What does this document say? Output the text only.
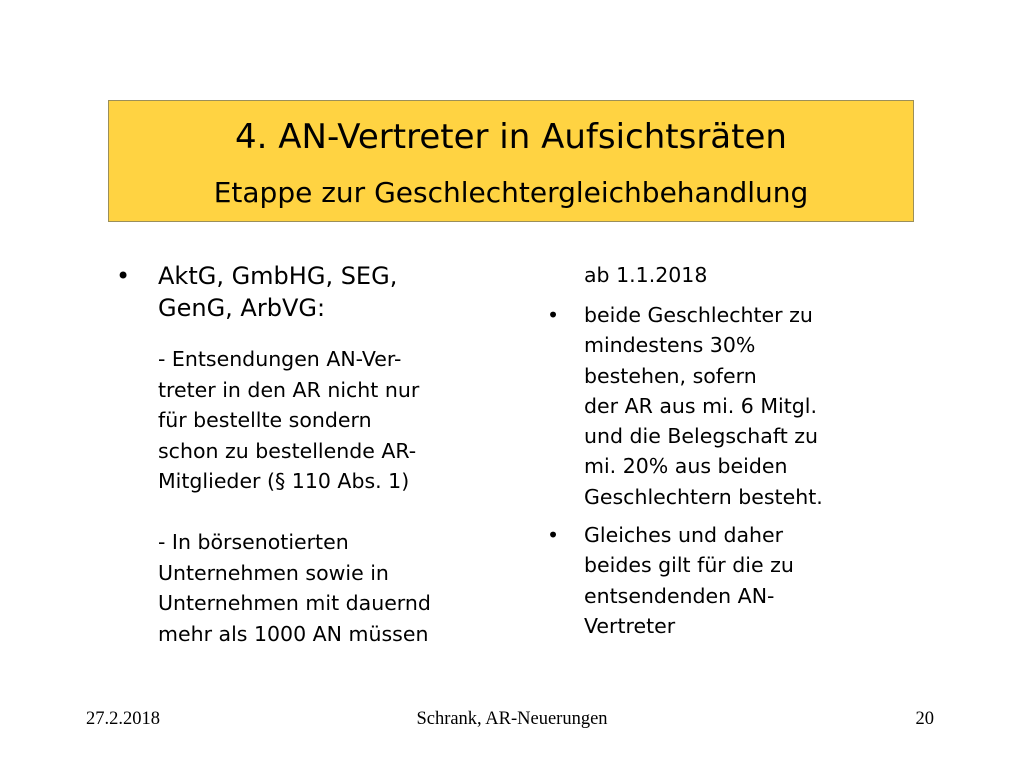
4. AN-Vertreter in Aufsichtsräten
Etappe zur Geschlechtergleichbehandlung
• AktG, GmbHG, SEG,
GenG, ArbVG:
- Entsendungen AN-Ver-
treter in den AR nicht nur
für bestellte sondern
schon zu bestellende AR-
Mitglieder (§ 110 Abs. 1)
- In börsenotierten
Unternehmen sowie in
Unternehmen mit dauernd
mehr als 1000 AN müssen
ab 1.1.2018
• beide Geschlechter zu
mindestens 30%
bestehen, sofern
der AR aus mi. 6 Mitgl.
und die Belegschaft zu
mi. 20% aus beiden
Geschlechtern besteht.
• Gleiches und daher
beides gilt für die zu
entsendenden AN-
Vertreter
27.2.2018	Schrank, AR-Neuerungen	20
